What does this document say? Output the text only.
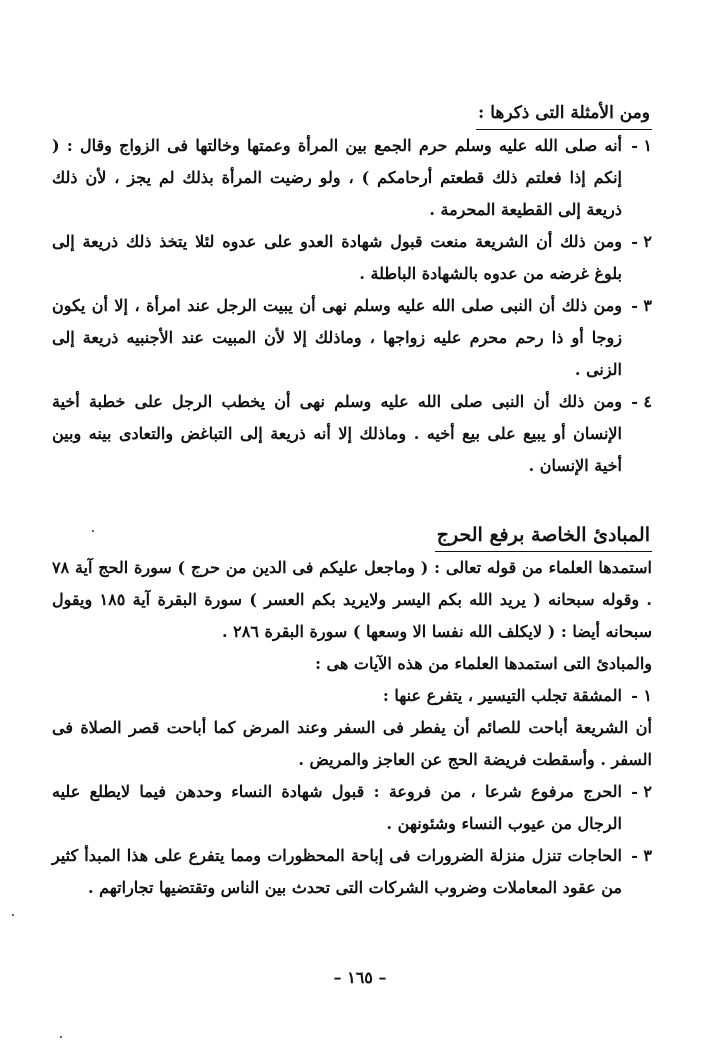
ومن الأمثلة التى ذكرها :
١ -
أنه صلى الله عليه وسلم حرم الجمع بين المرأة وعمتها وخالتها فى الزواج وقال : ( إنكم إذا فعلتم ذلك قطعتم أرحامكم ) ، ولو رضيت المرأة بذلك لم يجز ، لأن ذلك ذريعة إلى القطيعة المحرمة .
٢ -
ومن ذلك أن الشريعة منعت قبول شهادة العدو على عدوه لئلا يتخذ ذلك ذريعة إلى بلوغ غرضه من عدوه بالشهادة الباطلة .
٣ -
ومن ذلك أن النبى صلى الله عليه وسلم نهى أن يبيت الرجل عند امرأة ، إلا أن يكون زوجا أو ذا رحم محرم عليه زواجها ، وماذلك إلا لأن المبيت عند الأجنبيه ذريعة إلى الزنى .
٤ -
ومن ذلك أن النبى صلى الله عليه وسلم نهى أن يخطب الرجل على خطبة أخية الإنسان أو يبيع على بيع أخيه . وماذلك إلا أنه ذريعة إلى التباغض والتعادى بينه وبين أخية الإنسان .
المبادئ الخاصة برفع الحرج

استمدها العلماء من قوله تعالى : ( وماجعل عليكم فى الدين من حرج ) سورة الحج آية ٧٨ . وقوله سبحانه ( يريد الله بكم اليسر ولايريد بكم العسر ) سورة البقرة آية ١٨٥ ويقول سبحانه أيضا : ( لايكلف الله نفسا الا وسعها ) سورة البقرة ٢٨٦ .

والمبادئ التى استمدها العلماء من هذه الآيات هى :

١ -
المشقة تجلب التيسير ، يتفرع عنها :

أن الشريعة أباحت للصائم أن يفطر فى السفر وعند المرض كما أباحت قصر الصلاة فى السفر . وأسقطت فريضة الحج عن العاجز والمريض .

٢ -
الحرج مرفوع شرعا ، من فروعة : قبول شهادة النساء وحدهن فيما لايطلع عليه الرجال من عيوب النساء وشئونهن .
٣ -
الحاجات تنزل منزلة الضرورات فى إباحة المحظورات ومما يتفرع على هذا المبدأ كثير من عقود المعاملات وضروب الشركات التى تحدث بين الناس وتقتضيها تجاراتهم .
– ١٦٥ –
